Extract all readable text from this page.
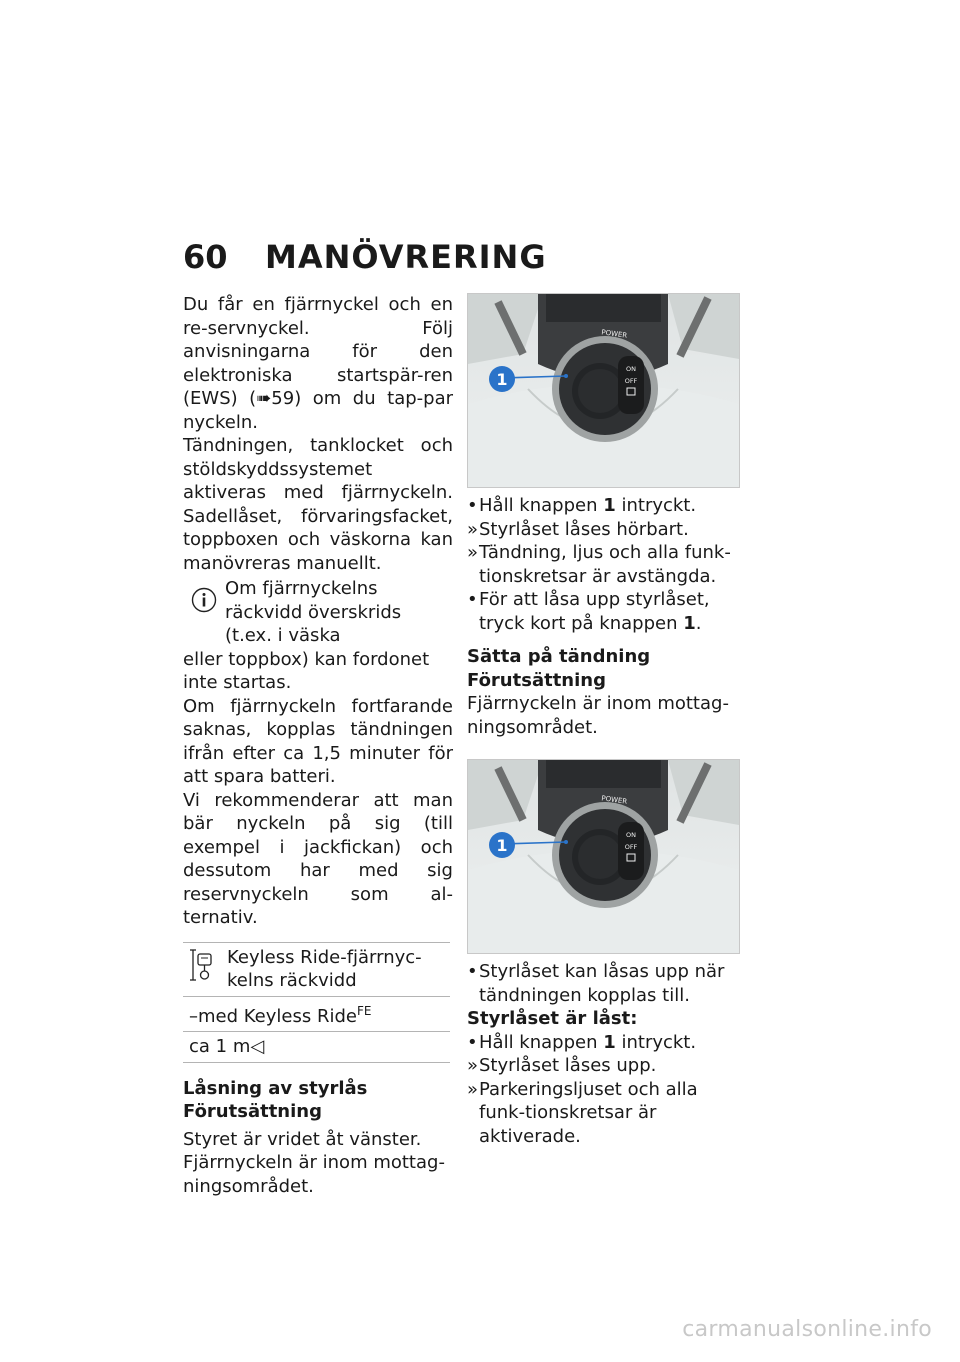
60	MANÖVRERING

Du får en fjärrnyckel och en re-servnyckel. Följ anvisningarna för den elektroniska startspär-ren (EWS) (➠59) om du tap-par nyckeln.

Tändningen, tanklocket och stöldskyddssystemet aktiveras med fjärrnyckeln. Sadellåset, förvaringsfacket, toppboxen och väskorna kan manövreras manuellt.

Om fjärrnyckelns räckvidd överskrids (t.ex. i väska

eller toppbox) kan fordonet inte startas.

Om fjärrnyckeln fortfarande saknas, kopplas tändningen ifrån efter ca 1,5 minuter för att spara batteri.

Vi rekommenderar att man bär nyckeln på sig (till exempel i jackfickan) och dessutom har med sig reservnyckeln som al-ternativ.

Keyless Ride-fjärrnyc-kelns räckvidd

–med Keyless Ride$^{FE}$
ca 1 m◁

Låsning av styrlås

Förutsättning

Styret är vridet åt vänster.

Fjärrnyckeln är inom mottag-ningsområdet.

ON
OFF
POWER
1
• Håll knappen 1 intryckt.
» Styrlåset låses hörbart.
» Tändning, ljus och alla funk-tionskretsar är avstängda.
• För att låsa upp styrlåset, tryck kort på knappen 1.

Sätta på tändning

Förutsättning

Fjärrnyckeln är inom mottag-ningsområdet.

ON
OFF
POWER
1
• Styrlåset kan låsas upp när tändningen kopplas till.

Styrlåset är låst:

• Håll knappen 1 intryckt.
» Styrlåset låses upp.
» Parkeringsljuset och alla funk-tionskretsar är aktiverade.
carmanualsonline.info
